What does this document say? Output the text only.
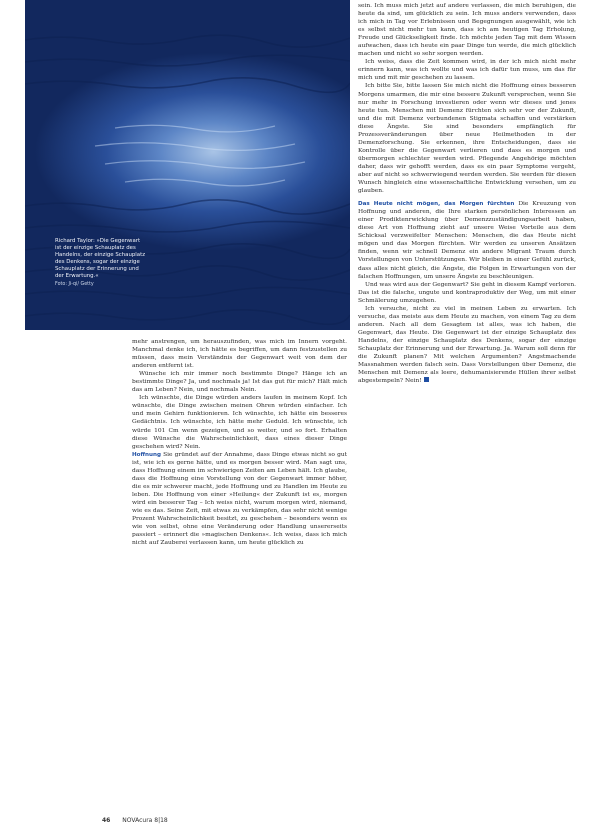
Richard Taylor: »Die Gegenwart ist der einzige Schauplatz des Handelns, der einzige Schauplatz des Denkens, sogar der einzige Schauplatz der Erinnerung und der Erwartung.«
Foto: Ji-qi/ Getty

mehr anstrengen, um herauszufinden, was mich im Innern vorgeht. Manchmal denke ich, ich hätte es begriffen, um dann festzustellen zu müssen, dass mein Verständnis der Gegenwart weit von dem der anderen entfernt ist.

Wünsche ich mir immer noch bestimmte Dinge? Hänge ich an bestimmte Dinge? Ja, und nochmals ja! Ist das gut für mich? Hält mich das am Leben? Nein, und nochmals Nein.

Ich wünschte, die Dinge würden anders laufen in meinem Kopf. Ich wünschte, die Dinge zwischen meinen Ohren würden einfacher. Ich und mein Gehirn funktionieren. Ich wünschte, ich hätte ein besseres Gedächtnis. Ich wünschte, ich hätte mehr Geduld. Ich wünschte, ich würde 101 Cm wenn gezeigen, und so weiter, und so fort. Erhalten diese Wünsche die Wahrscheinlichkeit, dass eines dieser Dinge geschehen wird? Nein.

Hoffnung Sie gründet auf der Annahme, dass Dinge etwas nicht so gut ist, wie ich es gerne hätte, und es morgen besser wird. Man sagt uns, dass Hoffnung einem im schwierigen Zeiten am Leben hält. Ich glaube, dass die Hoffnung eine Vorstellung von der Gegenwart immer höher, die es mir schwerer macht, jede Hoffnung und zu Handlen im Heute zu leben. Die Hoffnung von einer »Heilung« der Zukunft ist es, morgen wird ein besserer Tag – Ich weiss nicht, warum morgen wird, niemand, wie es das. Seine Zeit, mit etwas zu verkämpfen, das sehr nicht wenige Prozent Wahrscheinlichkeit besitzt, zu geschehen – besonders wenn es wie von selbst, ohne eine Veränderung oder Handlung unsererseits passiert – erinnert die »magischen Denkens«. Ich weiss, dass ich mich nicht auf Zauberei verlassen kann, um heute glücklich zu

sein. Ich muss mich jetzt auf andere verlassen, die mich beruhigen, die heute da sind, um glücklich zu sein. Ich muss anders verwenden, dass ich mich in Tag vor Erlebnissen und Begegnungen ausgewählt, wie ich es selbst nicht mehr tun kann, dass ich am heutigen Tag Erholung, Freude und Glückseligkeit finde. Ich möchte jeden Tag mit dem Wissen aufwachen, dass ich heute ein paar Dinge tun werde, die mich glücklich machen und nicht so sehr sorgen werden.

Ich weiss, dass die Zeit kommen wird, in der ich mich nicht mehr erinnern kann, was ich wollte und was ich dafür tun muss, um das für mich und mit mir geschehen zu lassen.

Ich bitte Sie, bitte lassen Sie mich nicht die Hoffnung eines besseren Morgens umarmen, die mir eine bessere Zukunft versprechen, wenn Sie nur mehr in Forschung investieren oder wenn wir dieses und jenes heute tun. Menschen mit Demenz fürchten sich sehr vor der Zukunft, und die mit Demenz verbundenen Stigmata schaffen und verstärken diese Ängste. Sie sind besonders empfänglich für Prozessveränderungen über neue Heilmethoden in der Demenzforschung. Sie erkennen, ihre Entscheidungen, dass sie Kontrolle über die Gegenwart verlieren und dass es morgen und übermorgen schlechter werden wird. Pflegende Angehörige möchten daher, dass wir gehofft werden, dass es ein paar Symptome vergeht, aber auf nicht so schwerwiegend werden werden. Sie werden für diesen Wunsch hingleich eine wissenschaftliche Entwicklung versehen, um zu glauben.

Das Heute nicht mögen, das Morgen fürchten Die Kreuzung von Hoffnung und anderen, die Ihre starken persönlichen Interessen an einer Prodiktenrwicklung über Demenzzuständigungsarbeit haben, diese Art von Hoffnung zieht auf unsere Weise Vorteile aus dem Schicksal verzweifelter Menschen: Menschen, die das Heute nicht mögen und das Morgen fürchten. Wir werden zu unseren Ansätzen finden, wenn wir schnell Demenz ein andere Migrant Traum durch Vorstellungen von Unterstützungen. Wir bleiben in einer Gefühl zurück, dass alles nicht gleich, die Ängste, die Folgen in Erwartungen von der falschen Hoffnungen, um unsere Ängste zu beschleunigen.

Und was wird aus der Gegenwart? Sie geht in diesem Kampf verloren. Das ist die falsche, ungute und kontraproduktiv der Weg, um mit einer Schmälerung umzugehen.

Ich versuche, nicht zu viel in meinen Leben zu erwarten. Ich versuche, das meiste aus dem Heute zu machen, von einem Tag zu dem anderen. Nach all dem Gesagtem ist alles, was ich haben, die Gegenwart, das Heute. Die Gegenwart ist der einzige Schauplatz des Handelns, der einzige Schauplatz des Denkens, sogar der einzige Schauplatz der Erinnerung und der Erwartung. Ja. Warum soll denn für die Zukunft planen? Mit welchen Argumenten? Angstmachende Massnahmen werden falsch sein. Dass Vorstellungen über Demenz, die Menschen mit Demenz als leere, dehumanisierende Hüllen ihrer selbst abgestempeln? Nein!

46 NOVAcura 8|18
